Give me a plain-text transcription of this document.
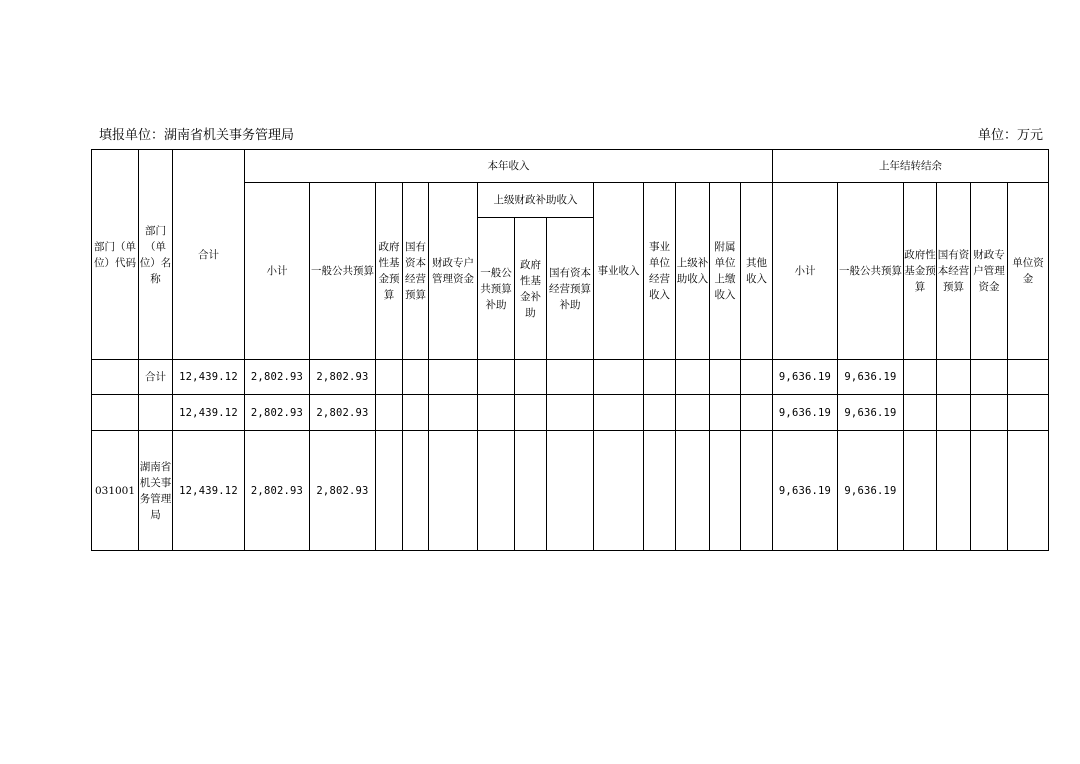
填报单位：湖南省机关事务管理局	单位：万元
部门（单位）代码	部门（单位）名称	合计	本年收入													上年结转结余					
			小计	一般公共预算	政府性基金预算	国有资本经营预算	财政专户管理资金	上级财政补助收入			事业收入	事业单位经营收入	上级补助收入	附属单位上缴收入	其他收入	小计	一般公共预算	政府性基金预算	国有资本经营预算	财政专户管理资金	单位资金
								一般公共预算补助	政府性基金补助	国有资本经营预算补助											
	合计	12,439.12	2,802.93	2,802.93												9,636.19	9,636.19				
		12,439.12	2,802.93	2,802.93												9,636.19	9,636.19				
031001	湖南省机关事务管理局	12,439.12	2,802.93	2,802.93												9,636.19	9,636.19				
